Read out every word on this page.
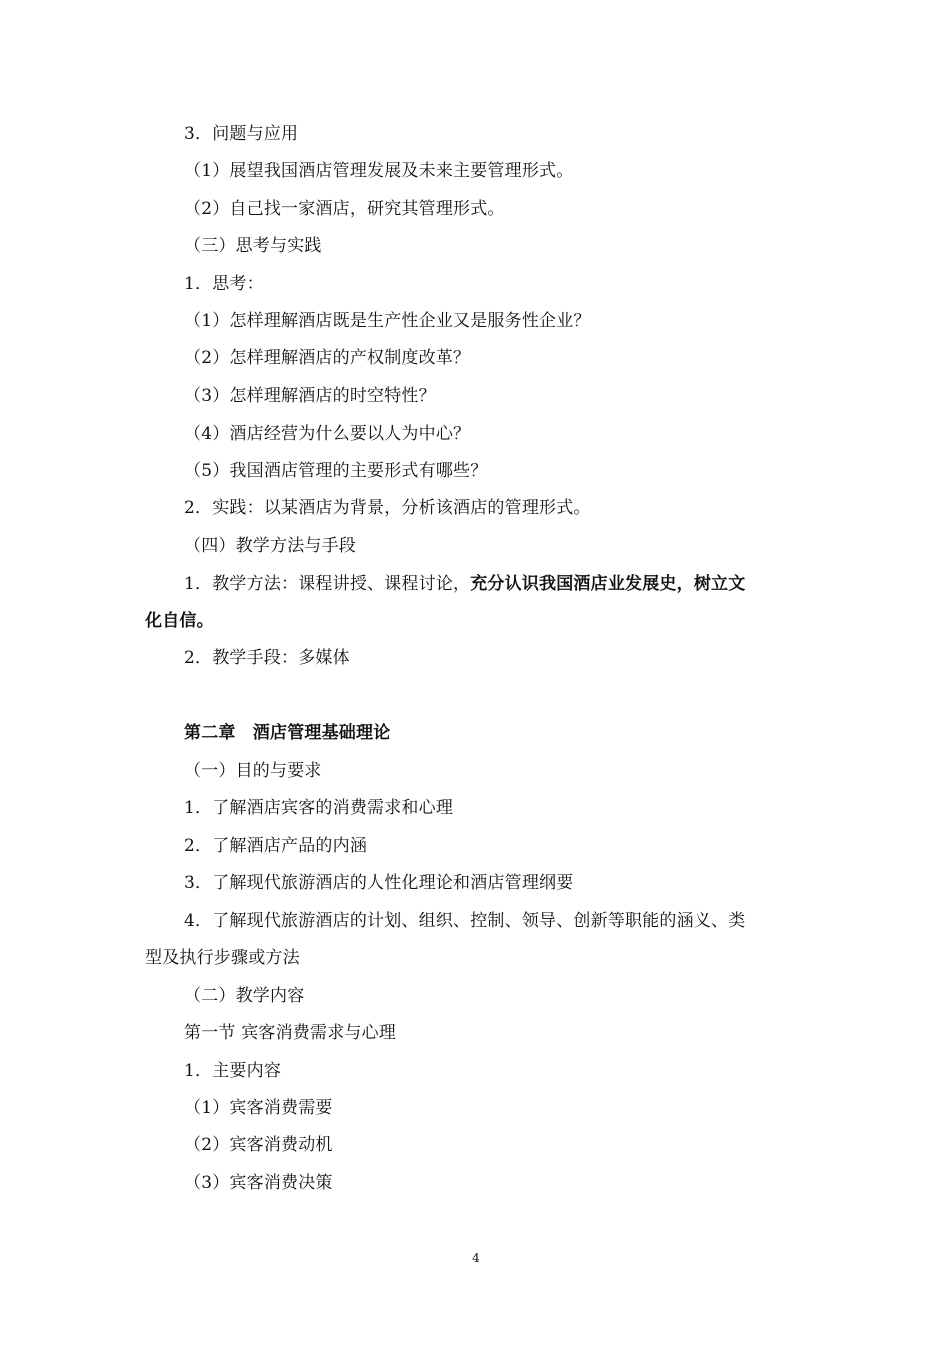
3．问题与应用
（1）展望我国酒店管理发展及未来主要管理形式。
（2）自己找一家酒店，研究其管理形式。
（三）思考与实践
1．思考：
（1）怎样理解酒店既是生产性企业又是服务性企业？
（2）怎样理解酒店的产权制度改革？
（3）怎样理解酒店的时空特性？
（4）酒店经营为什么要以人为中心？
（5）我国酒店管理的主要形式有哪些？
2．实践：以某酒店为背景，分析该酒店的管理形式。
（四）教学方法与手段
1．教学方法：课程讲授、课程讨论，充分认识我国酒店业发展史，树立文
化自信。
2．教学手段：多媒体
第二章　酒店管理基础理论
（一）目的与要求
1．了解酒店宾客的消费需求和心理
2．了解酒店产品的内涵
3．了解现代旅游酒店的人性化理论和酒店管理纲要
4．了解现代旅游酒店的计划、组织、控制、领导、创新等职能的涵义、类
型及执行步骤或方法
（二）教学内容
第一节 宾客消费需求与心理
1．主要内容
（1）宾客消费需要
（2）宾客消费动机
（3）宾客消费决策
4
